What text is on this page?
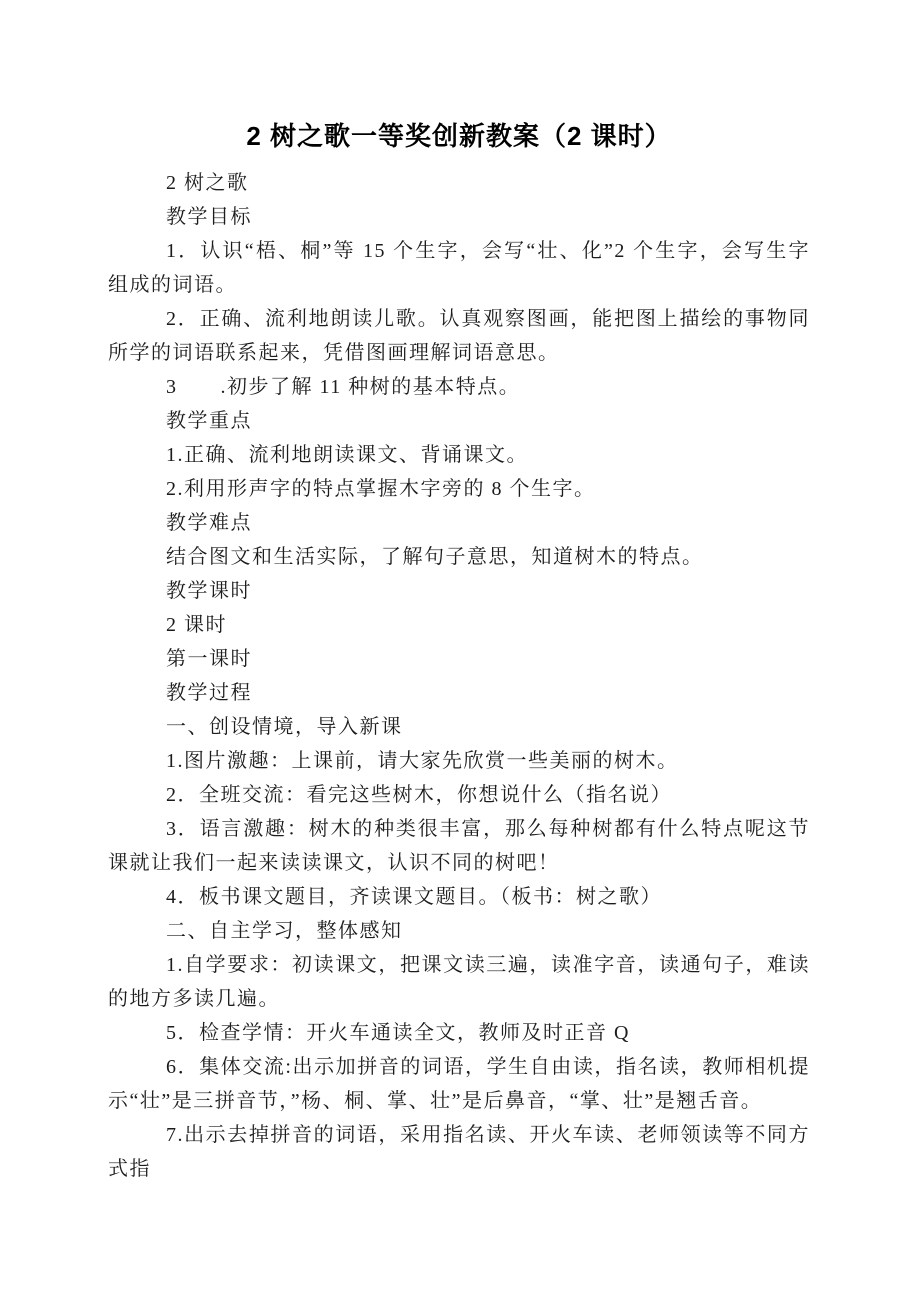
2 树之歌一等奖创新教案（2 课时）

2 树之歌

教学目标

1．认识“梧、桐”等 15 个生字，会写“壮、化”2 个生字，会写生字组成的词语。

2．正确、流利地朗读儿歌。认真观察图画，能把图上描绘的事物同所学的词语联系起来，凭借图画理解词语意思。

3　　.初步了解 11 种树的基本特点。

教学重点

1.正确、流利地朗读课文、背诵课文。

2.利用形声字的特点掌握木字旁的 8 个生字。

教学难点

结合图文和生活实际，了解句子意思，知道树木的特点。

教学课时

2 课时

第一课时

教学过程

一、创设情境，导入新课

1.图片激趣：上课前，请大家先欣赏一些美丽的树木。

2．全班交流：看完这些树木，你想说什么（指名说）

3．语言激趣：树木的种类很丰富，那么每种树都有什么特点呢这节课就让我们一起来读读课文，认识不同的树吧！

4．板书课文题目，齐读课文题目。（板书：树之歌）

二、自主学习，整体感知

1.自学要求：初读课文，把课文读三遍，读准字音，读通句子，难读的地方多读几遍。

5．检查学情：开火车通读全文，教师及时正音 Q

6．集体交流:出示加拼音的词语，学生自由读，指名读，教师相机提示“壮”是三拼音节，”杨、桐、掌、壮”是后鼻音，“掌、壮”是翘舌音。

7.出示去掉拼音的词语，采用指名读、开火车读、老师领读等不同方式指
